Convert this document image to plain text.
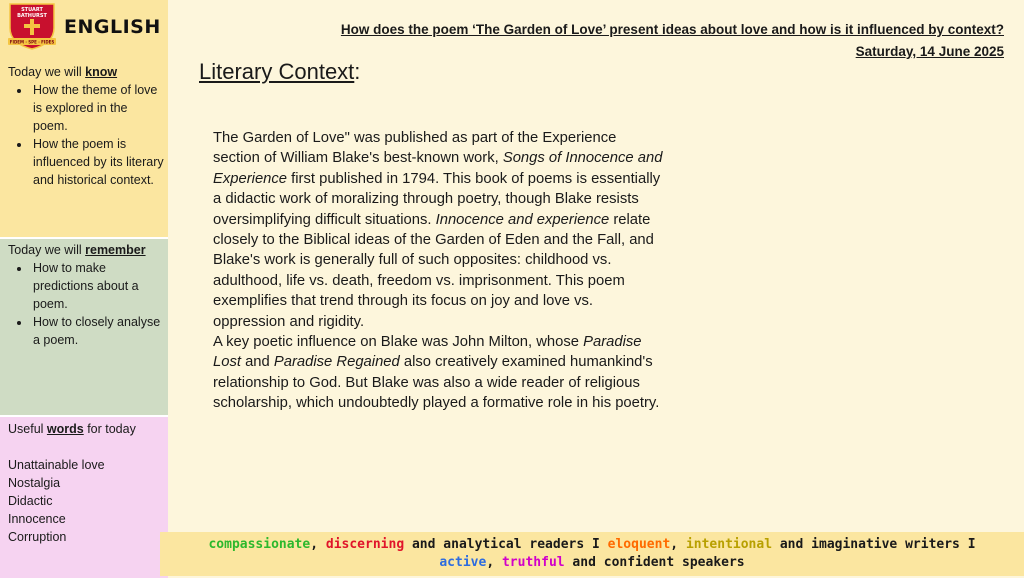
STUART
BATHURST
FIDEM · SPE · FIDES
ENGLISH

Today we will know

• How the theme of love is explored in the poem.
• How the poem is influenced by its literary and historical context.

Today we will remember

• How to make predictions about a poem.
• How to closely analyse a poem.

Useful words for today

Unattainable love
Nostalgia
Didactic
Innocence
Corruption
How does the poem ‘The Garden of Love’ present ideas about love and how is it influenced by context?
Saturday, 14 June 2025
Literary Context:

The Garden of Love" was published as part of the Experience section of William Blake's best-known work, Songs of Innocence and Experience first published in 1794. This book of poems is essentially a didactic work of moralizing through poetry, though Blake resists oversimplifying difficult situations. Innocence and experience relate closely to the Biblical ideas of the Garden of Eden and the Fall, and Blake's work is generally full of such opposites: childhood vs. adulthood, life vs. death, freedom vs. imprisonment. This poem exemplifies that trend through its focus on joy and love vs. oppression and rigidity.

A key poetic influence on Blake was John Milton, whose Paradise Lost and Paradise Regained also creatively examined humankind's relationship to God. But Blake was also a wide reader of religious scholarship, which undoubtedly played a formative role in his poetry.

compassionate, discerning and analytical readers I eloquent, intentional and imaginative writers I
active, truthful and confident speakers
